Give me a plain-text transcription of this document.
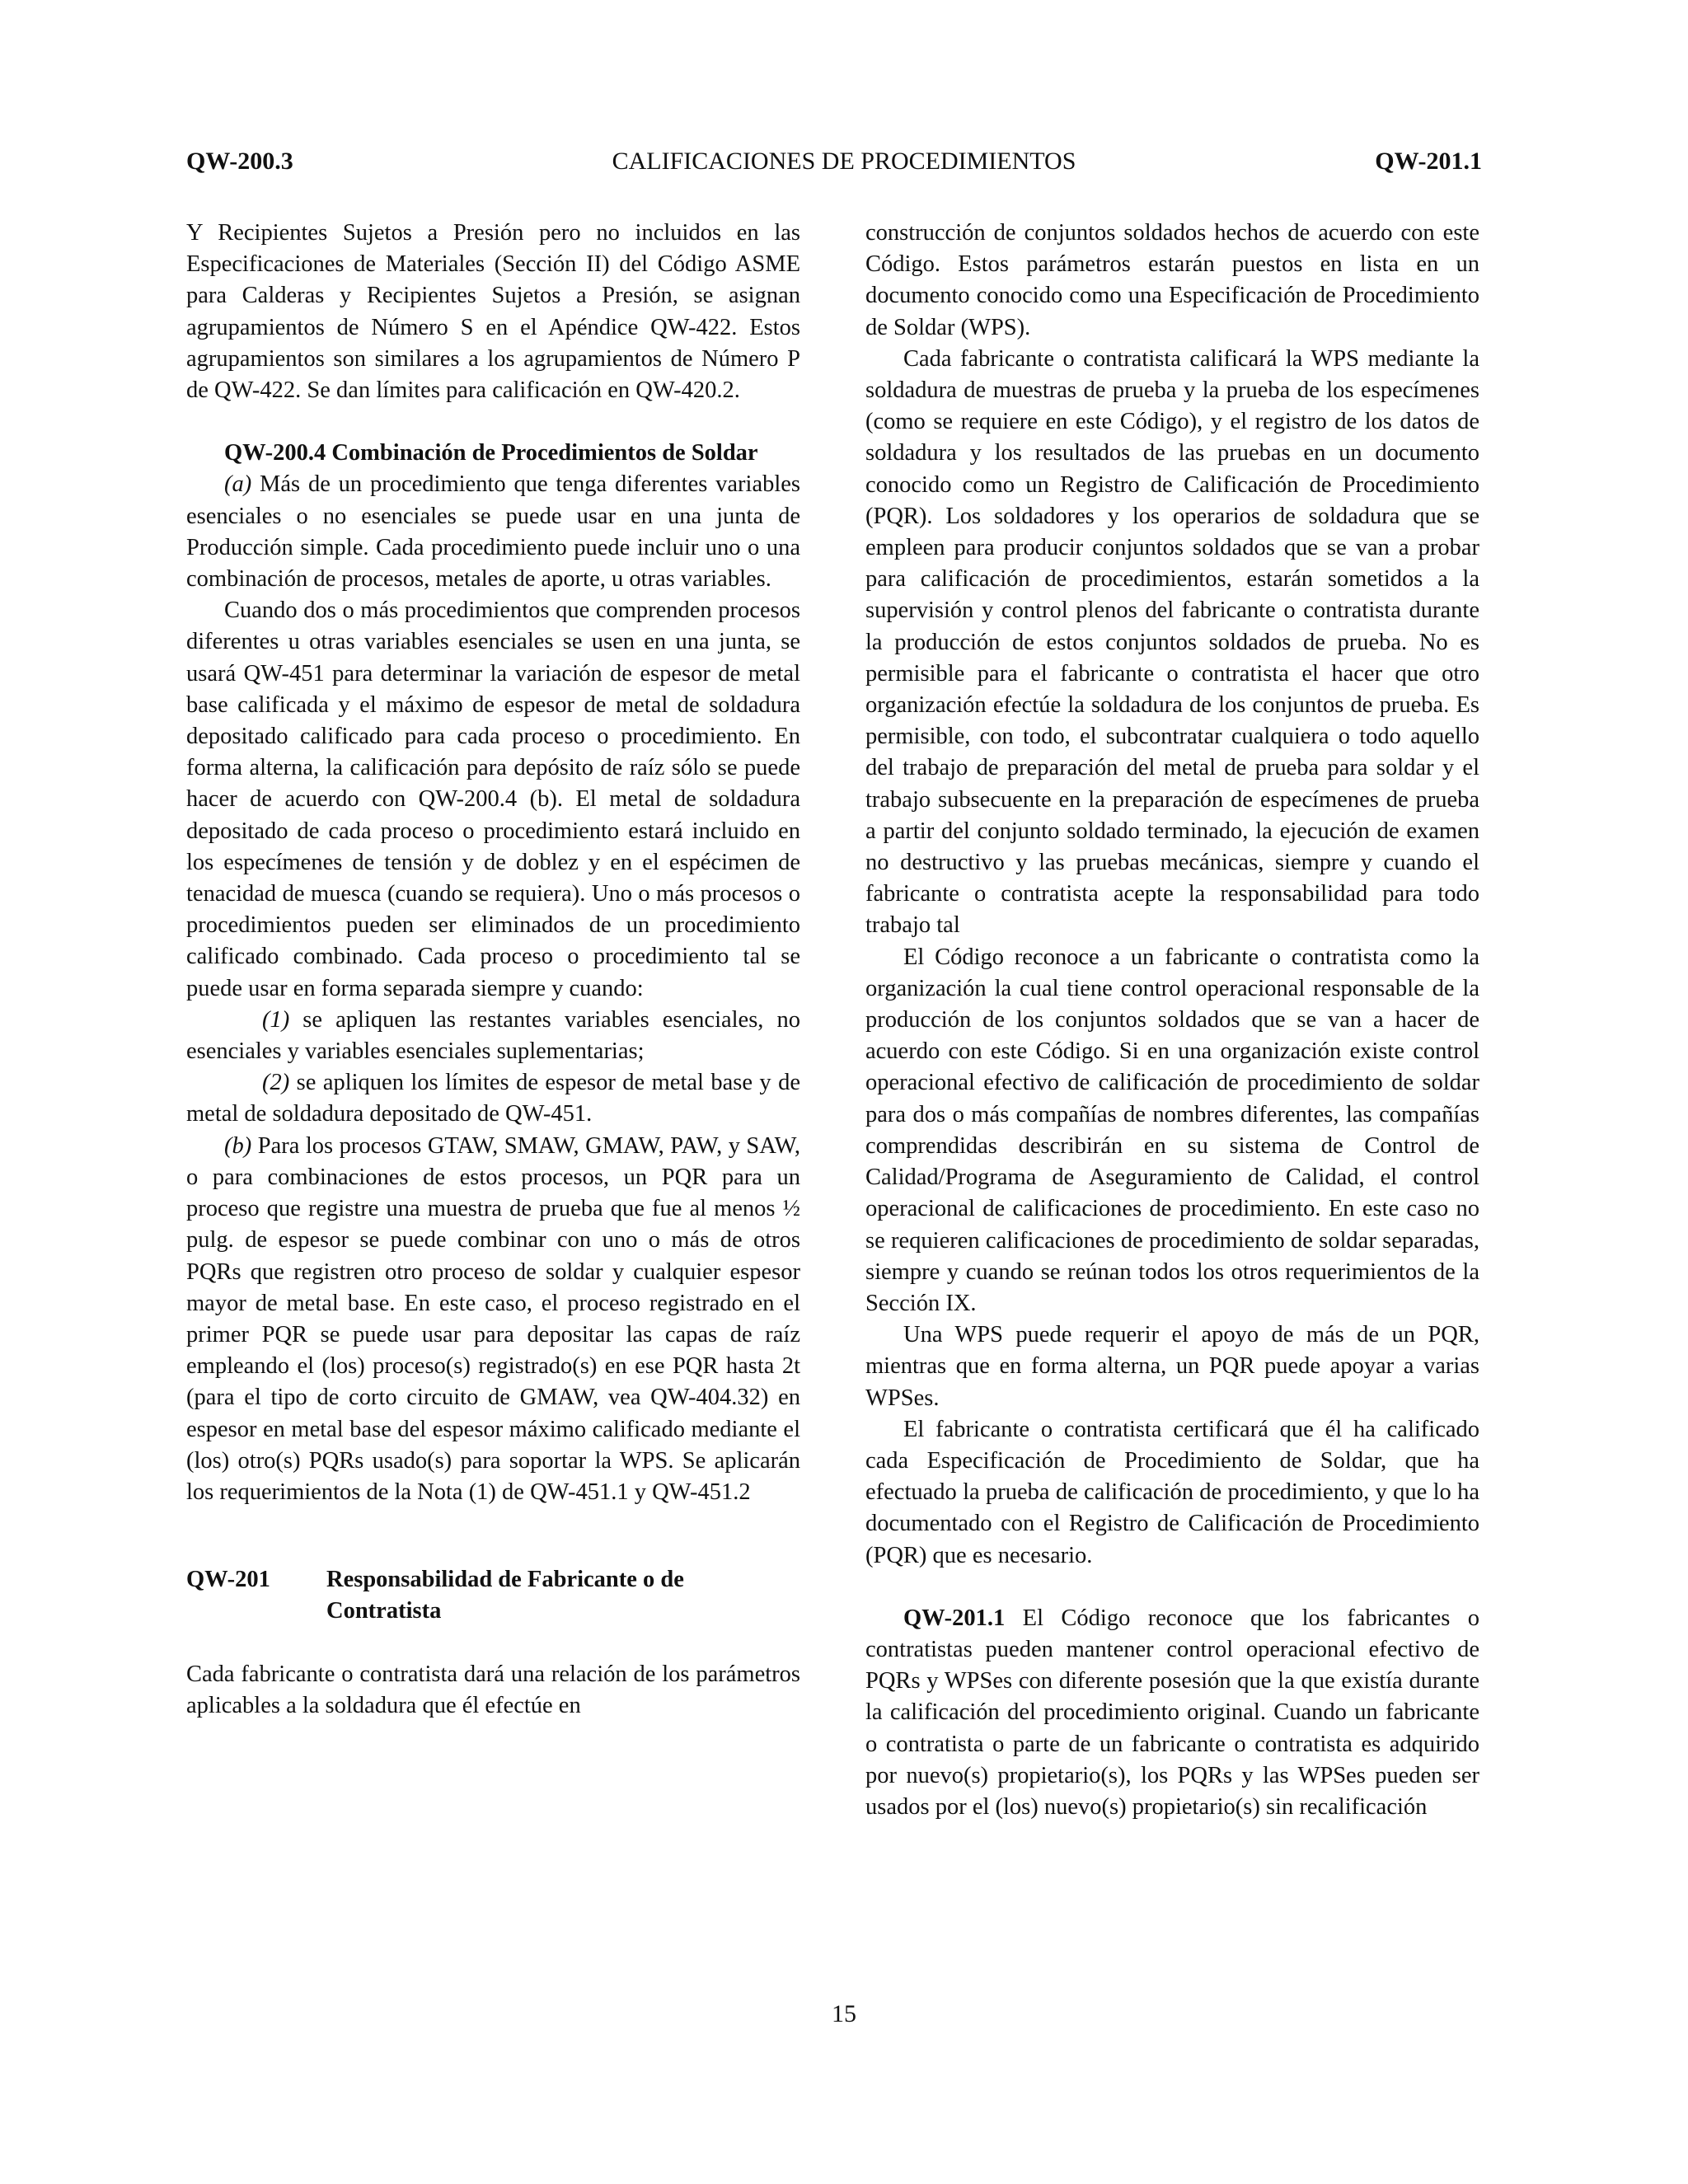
QW-200.3	CALIFICACIONES DE PROCEDIMIENTOS	QW-201.1

Y Recipientes Sujetos a Presión pero no incluidos en las Especificaciones de Materiales (Sección II) del Código ASME para Calderas y Recipientes Sujetos a Presión, se asignan agrupamientos de Número S en el Apéndice QW-422. Estos agrupamientos son similares a los agrupamientos de Número P de QW-422. Se dan límites para calificación en QW-420.2.

QW-200.4 Combinación de Procedimientos de Soldar

(a) Más de un procedimiento que tenga diferentes variables esenciales o no esenciales se puede usar en una junta de Producción simple. Cada procedimiento puede incluir uno o una combinación de procesos, metales de aporte, u otras variables.

Cuando dos o más procedimientos que comprenden procesos diferentes u otras variables esenciales se usen en una junta, se usará QW-451 para determinar la variación de espesor de metal base calificada y el máximo de espesor de metal de soldadura depositado calificado para cada proceso o procedimiento. En forma alterna, la calificación para depósito de raíz sólo se puede hacer de acuerdo con QW-200.4 (b). El metal de soldadura depositado de cada proceso o procedimiento estará incluido en los especímenes de tensión y de doblez y en el espécimen de tenacidad de muesca (cuando se requiera). Uno o más procesos o procedimientos pueden ser eliminados de un procedimiento calificado combinado. Cada proceso o procedimiento tal se puede usar en forma separada siempre y cuando:

(1) se apliquen las restantes variables esenciales, no esenciales y variables esenciales suplementarias;

(2) se apliquen los límites de espesor de metal base y de metal de soldadura depositado de QW-451.

(b) Para los procesos GTAW, SMAW, GMAW, PAW, y SAW, o para combinaciones de estos procesos, un PQR para un proceso que registre una muestra de prueba que fue al menos ½ pulg. de espesor se puede combinar con uno o más de otros PQRs que registren otro proceso de soldar y cualquier espesor mayor de metal base. En este caso, el proceso registrado en el primer PQR se puede usar para depositar las capas de raíz empleando el (los) proceso(s) registrado(s) en ese PQR hasta 2t (para el tipo de corto circuito de GMAW, vea QW-404.32) en espesor en metal base del espesor máximo calificado mediante el (los) otro(s) PQRs usado(s) para soportar la WPS. Se aplicarán los requerimientos de la Nota (1) de QW-451.1 y QW-451.2

QW-201	Responsabilidad de Fabricante o de Contratista

Cada fabricante o contratista dará una relación de los parámetros aplicables a la soldadura que él efectúe en

construcción de conjuntos soldados hechos de acuerdo con este Código. Estos parámetros estarán puestos en lista en un documento conocido como una Especificación de Procedimiento de Soldar (WPS).

Cada fabricante o contratista calificará la WPS mediante la soldadura de muestras de prueba y la prueba de los especímenes (como se requiere en este Código), y el registro de los datos de soldadura y los resultados de las pruebas en un documento conocido como un Registro de Calificación de Procedimiento (PQR). Los soldadores y los operarios de soldadura que se empleen para producir conjuntos soldados que se van a probar para calificación de procedimientos, estarán sometidos a la supervisión y control plenos del fabricante o contratista durante la producción de estos conjuntos soldados de prueba. No es permisible para el fabricante o contratista el hacer que otro organización efectúe la soldadura de los conjuntos de prueba. Es permisible, con todo, el subcontratar cualquiera o todo aquello del trabajo de preparación del metal de prueba para soldar y el trabajo subsecuente en la preparación de especímenes de prueba a partir del conjunto soldado terminado, la ejecución de examen no destructivo y las pruebas mecánicas, siempre y cuando el fabricante o contratista acepte la responsabilidad para todo trabajo tal

El Código reconoce a un fabricante o contratista como la organización la cual tiene control operacional responsable de la producción de los conjuntos soldados que se van a hacer de acuerdo con este Código. Si en una organización existe control operacional efectivo de calificación de procedimiento de soldar para dos o más compañías de nombres diferentes, las compañías comprendidas describirán en su sistema de Control de Calidad/Programa de Aseguramiento de Calidad, el control operacional de calificaciones de procedimiento. En este caso no se requieren calificaciones de procedimiento de soldar separadas, siempre y cuando se reúnan todos los otros requerimientos de la Sección IX.

Una WPS puede requerir el apoyo de más de un PQR, mientras que en forma alterna, un PQR puede apoyar a varias WPSes.

El fabricante o contratista certificará que él ha calificado cada Especificación de Procedimiento de Soldar, que ha efectuado la prueba de calificación de procedimiento, y que lo ha documentado con el Registro de Calificación de Procedimiento (PQR) que es necesario.

QW-201.1 El Código reconoce que los fabricantes o contratistas pueden mantener control operacional efectivo de PQRs y WPSes con diferente posesión que la que existía durante la calificación del procedimiento original. Cuando un fabricante o contratista o parte de un fabricante o contratista es adquirido por nuevo(s) propietario(s), los PQRs y las WPSes pueden ser usados por el (los) nuevo(s) propietario(s) sin recalificación

15
